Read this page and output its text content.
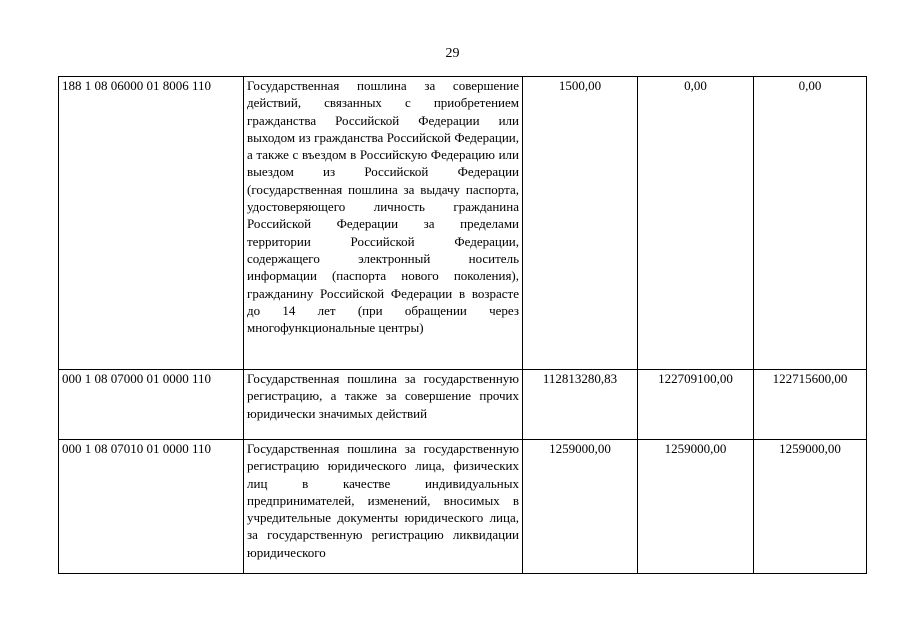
29
188 1 08 06000 01 8006 110	Государственная пошлина за совершение действий, связанных с приобретением гражданства Российской Федерации или выходом из гражданства Российской Федерации, а также с въездом в Российскую Федерацию или выездом из Российской Федерации (государственная пошлина за выдачу паспорта, удостоверяющего личность гражданина Российской Федерации за пределами территории Российской Федерации, содержащего электронный носитель информации (паспорта нового поколения), гражданину Российской Федерации в возрасте до 14 лет (при обращении через многофункциональные центры)	1500,00	0,00	0,00
000 1 08 07000 01 0000 110	Государственная пошлина за государственную регистрацию, а также за совершение прочих юридически значимых действий	112813280,83	122709100,00	122715600,00
000 1 08 07010 01 0000 110	Государственная пошлина за государственную регистрацию юридического лица, физических лиц в качестве индивидуальных предпринимателей, изменений, вносимых в учредительные документы юридического лица, за государственную регистрацию ликвидации юридического	1259000,00	1259000,00	1259000,00
